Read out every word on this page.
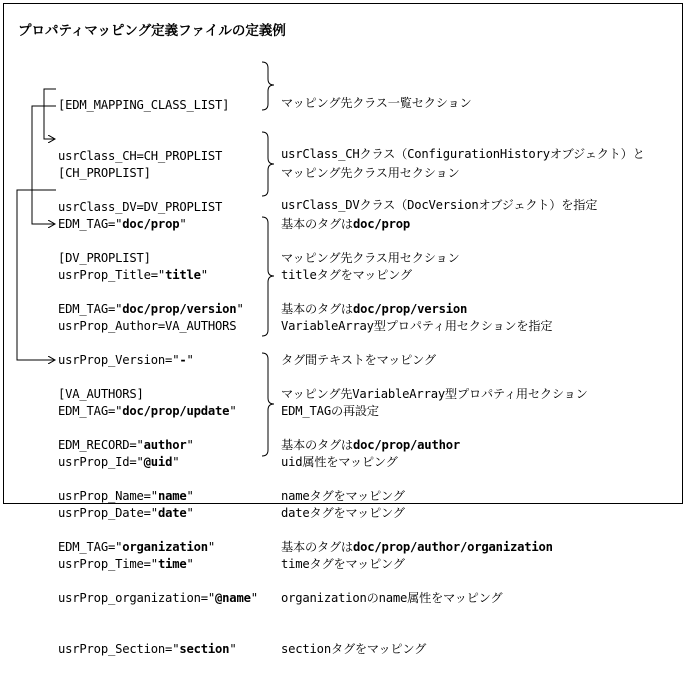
プロパティマッピング定義ファイルの定義例

[EDM_MAPPING_CLASS_LIST]

usrClass_CH=CH_PROPLIST

usrClass_DV=DV_PROPLIST

マッピング先クラス一覧セクション

usrClass_CHクラス（ConfigurationHistoryオブジェクト）と

usrClass_DVクラス（DocVersionオブジェクト）を指定

[CH_PROPLIST]

EDM_TAG="doc/prop"

usrProp_Title="title"

usrProp_Author=VA_AUTHORS

マッピング先クラス用セクション

基本のタグはdoc/prop

titleタグをマッピング

VariableArray型プロパティ用セクションを指定

[DV_PROPLIST]

EDM_TAG="doc/prop/version"

usrProp_Version="-"

EDM_TAG="doc/prop/update"

usrProp_Id="@uid"

usrProp_Date="date"

usrProp_Time="time"

マッピング先クラス用セクション

基本のタグはdoc/prop/version

タグ間テキストをマッピング

EDM_TAGの再設定

uid属性をマッピング

dateタグをマッピング

timeタグをマッピング

[VA_AUTHORS]

EDM_RECORD="author"

usrProp_Name="name"

EDM_TAG="organization"

usrProp_organization="@name"

usrProp_Section="section"

マッピング先VariableArray型プロパティ用セクション

基本のタグはdoc/prop/author

nameタグをマッピング

基本のタグはdoc/prop/author/organization

organizationのname属性をマッピング

sectionタグをマッピング
